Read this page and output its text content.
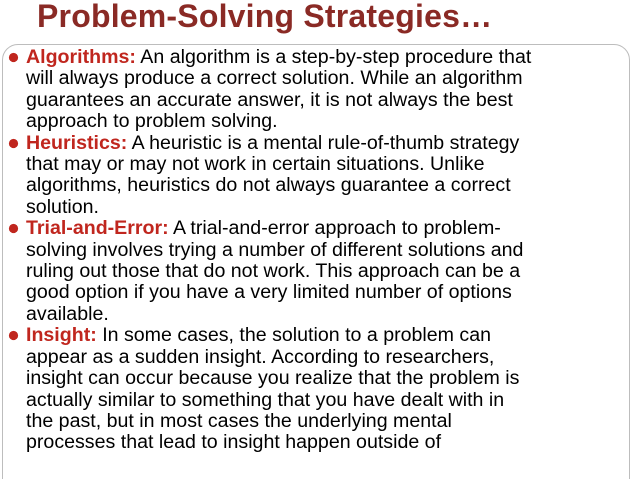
Problem-Solving Strategies…
Algorithms: An algorithm is a step-by-step procedure that
will always produce a correct solution. While an algorithm
guarantees an accurate answer, it is not always the best
approach to problem solving.
Heuristics: A heuristic is a mental rule-of-thumb strategy
that may or may not work in certain situations. Unlike
algorithms, heuristics do not always guarantee a correct
solution.
Trial-and-Error: A trial-and-error approach to problem-
solving involves trying a number of different solutions and
ruling out those that do not work. This approach can be a
good option if you have a very limited number of options
available.
Insight: In some cases, the solution to a problem can
appear as a sudden insight. According to researchers,
insight can occur because you realize that the problem is
actually similar to something that you have dealt with in
the past, but in most cases the underlying mental
processes that lead to insight happen outside of
